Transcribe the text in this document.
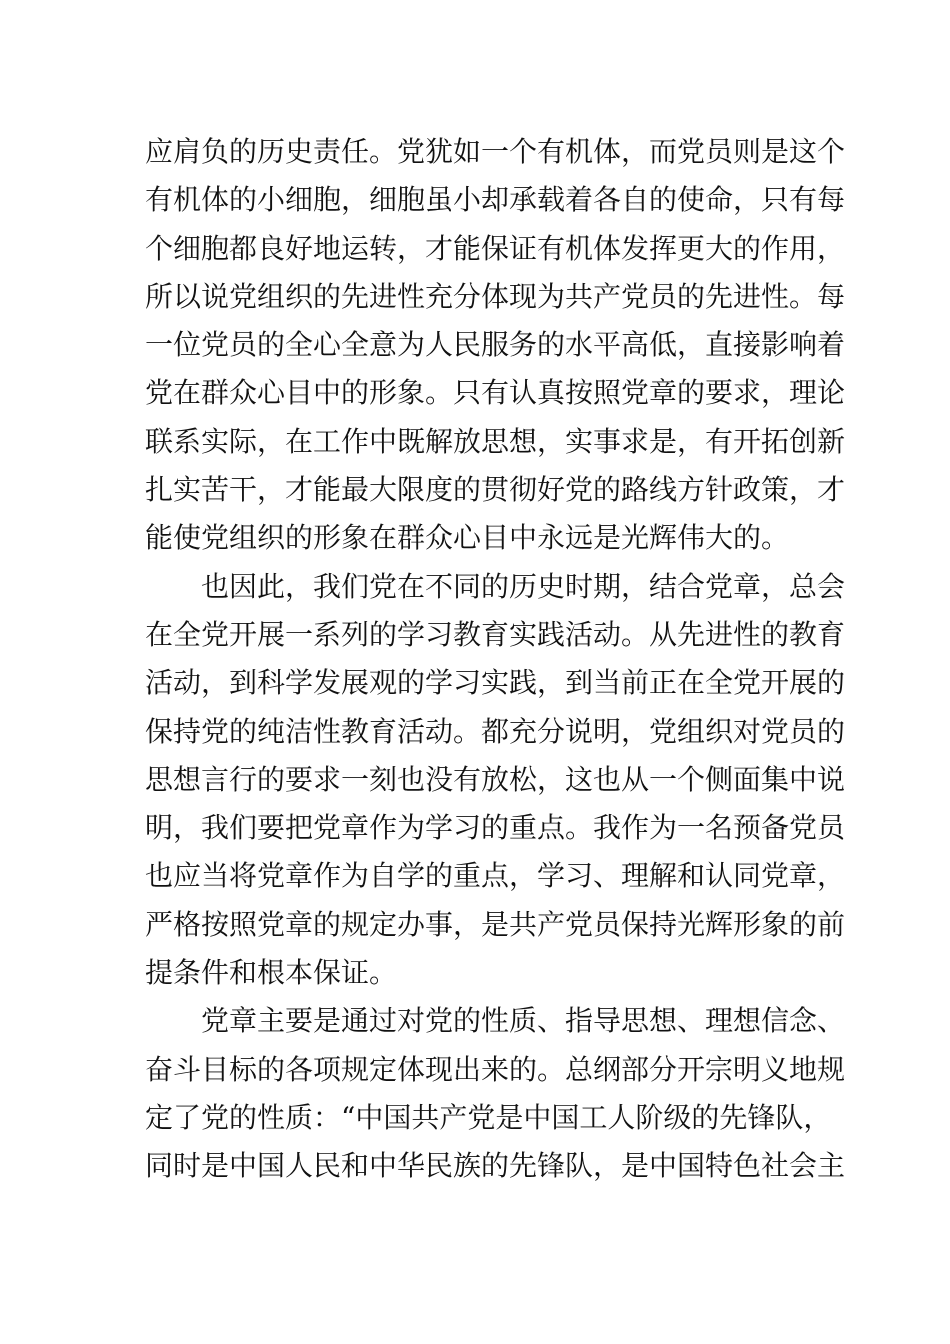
应肩负的历史责任。党犹如一个有机体，而党员则是这个
有机体的小细胞，细胞虽小却承载着各自的使命，只有每
个细胞都良好地运转，才能保证有机体发挥更大的作用，
所以说党组织的先进性充分体现为共产党员的先进性。每
一位党员的全心全意为人民服务的水平高低，直接影响着
党在群众心目中的形象。只有认真按照党章的要求，理论
联系实际，在工作中既解放思想，实事求是，有开拓创新
扎实苦干，才能最大限度的贯彻好党的路线方针政策，才
能使党组织的形象在群众心目中永远是光辉伟大的。
也因此，我们党在不同的历史时期，结合党章，总会
在全党开展一系列的学习教育实践活动。从先进性的教育
活动，到科学发展观的学习实践，到当前正在全党开展的
保持党的纯洁性教育活动。都充分说明，党组织对党员的
思想言行的要求一刻也没有放松，这也从一个侧面集中说
明，我们要把党章作为学习的重点。我作为一名预备党员
也应当将党章作为自学的重点，学习、理解和认同党章，
严格按照党章的规定办事，是共产党员保持光辉形象的前
提条件和根本保证。
党章主要是通过对党的性质、指导思想、理想信念、
奋斗目标的各项规定体现出来的。总纲部分开宗明义地规
定了党的性质：“中国共产党是中国工人阶级的先锋队，
同时是中国人民和中华民族的先锋队，是中国特色社会主
